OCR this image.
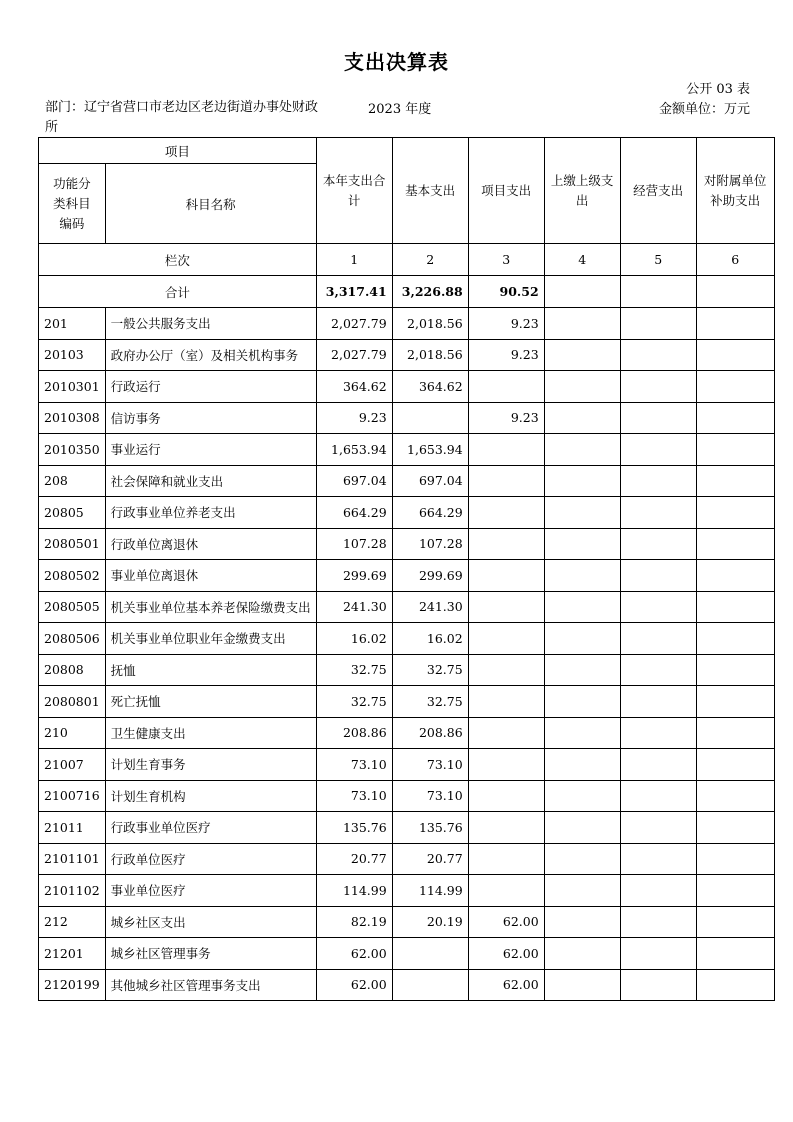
支出决算表
公开 03 表
部门：辽宁省营口市老边区老边街道办事处财政所
2023 年度	金额单位：万元
项目		本年支出合计	基本支出	项目支出	上缴上级支出	经营支出	对附属单位补助支出
功能分类科目编码	科目名称						
栏次		1	2	3	4	5	6
合计		3,317.41	3,226.88	90.52			
201	一般公共服务支出	2,027.79	2,018.56	9.23			
20103	政府办公厅（室）及相关机构事务	2,027.79	2,018.56	9.23			
2010301	行政运行	364.62	364.62				
2010308	信访事务	9.23		9.23			
2010350	事业运行	1,653.94	1,653.94				
208	社会保障和就业支出	697.04	697.04				
20805	行政事业单位养老支出	664.29	664.29				
2080501	行政单位离退休	107.28	107.28				
2080502	事业单位离退休	299.69	299.69				
2080505	机关事业单位基本养老保险缴费支出	241.30	241.30				
2080506	机关事业单位职业年金缴费支出	16.02	16.02				
20808	抚恤	32.75	32.75				
2080801	死亡抚恤	32.75	32.75				
210	卫生健康支出	208.86	208.86				
21007	计划生育事务	73.10	73.10				
2100716	计划生育机构	73.10	73.10				
21011	行政事业单位医疗	135.76	135.76				
2101101	行政单位医疗	20.77	20.77				
2101102	事业单位医疗	114.99	114.99				
212	城乡社区支出	82.19	20.19	62.00			
21201	城乡社区管理事务	62.00		62.00			
2120199	其他城乡社区管理事务支出	62.00		62.00			
